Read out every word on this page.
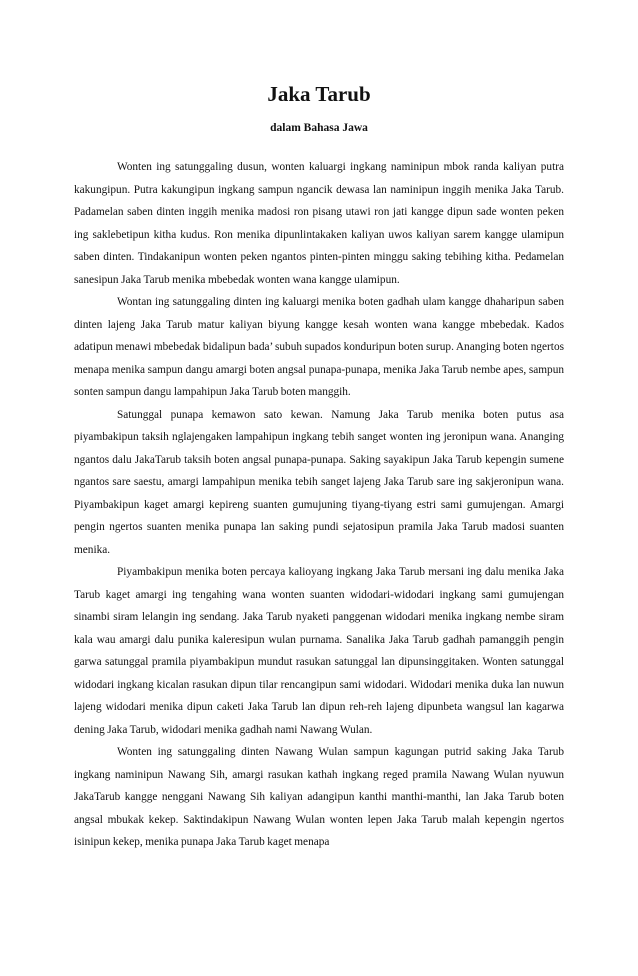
Jaka Tarub
dalam Bahasa Jawa

Wonten ing satunggaling dusun, wonten kaluargi ingkang naminipun mbok randa kaliyan putra kakungipun. Putra kakungipun ingkang sampun ngancik dewasa lan naminipun inggih menika Jaka Tarub. Padamelan saben dinten inggih menika madosi ron pisang utawi ron jati kangge dipun sade wonten peken ing saklebetipun kitha kudus. Ron menika dipunlintakaken kaliyan uwos kaliyan sarem kangge ulamipun saben dinten. Tindakanipun wonten peken ngantos pinten-pinten minggu saking tebihing kitha. Pedamelan sanesipun Jaka Tarub menika mbebedak wonten wana kangge ulamipun.

Wontan ing satunggaling dinten ing kaluargi menika boten gadhah ulam kangge dhaharipun saben dinten lajeng Jaka Tarub matur kaliyan biyung kangge kesah wonten wana kangge mbebedak. Kados adatipun menawi mbebedak bidalipun bada’ subuh supados konduripun boten surup. Ananging boten ngertos menapa menika sampun dangu amargi boten angsal punapa-punapa, menika Jaka Tarub nembe apes, sampun sonten sampun dangu lampahipun Jaka Tarub boten manggih.

Satunggal punapa kemawon sato kewan. Namung Jaka Tarub menika boten putus asa piyambakipun taksih nglajengaken lampahipun ingkang tebih sanget wonten ing jeronipun wana. Ananging ngantos dalu JakaTarub taksih boten angsal punapa-punapa. Saking sayakipun Jaka Tarub kepengin sumene ngantos sare saestu, amargi lampahipun menika tebih sanget lajeng Jaka Tarub sare ing sakjeronipun wana. Piyambakipun kaget amargi kepireng suanten gumujuning tiyang-tiyang estri sami gumujengan. Amargi pengin ngertos suanten menika punapa lan saking pundi sejatosipun pramila Jaka Tarub madosi suanten menika.

Piyambakipun menika boten percaya kalioyang ingkang Jaka Tarub mersani ing dalu menika Jaka Tarub kaget amargi ing tengahing wana wonten suanten widodari-widodari ingkang sami gumujengan sinambi siram lelangin ing sendang. Jaka Tarub nyaketi panggenan widodari menika ingkang nembe siram kala wau amargi dalu punika kaleresipun wulan purnama. Sanalika Jaka Tarub gadhah pamanggih pengin garwa satunggal pramila piyambakipun mundut rasukan satunggal lan dipunsinggitaken. Wonten satunggal widodari ingkang kicalan rasukan dipun tilar rencangipun sami widodari. Widodari menika duka lan nuwun lajeng widodari menika dipun caketi Jaka Tarub lan dipun reh-reh lajeng dipunbeta wangsul lan kagarwa dening Jaka Tarub, widodari menika gadhah nami Nawang Wulan.

Wonten ing satunggaling dinten Nawang Wulan sampun kagungan putrid saking Jaka Tarub ingkang naminipun Nawang Sih, amargi rasukan kathah ingkang reged pramila Nawang Wulan nyuwun JakaTarub kangge nenggani Nawang Sih kaliyan adangipun kanthi manthi-manthi, lan Jaka Tarub boten angsal mbukak kekep. Saktindakipun Nawang Wulan wonten lepen Jaka Tarub malah kepengin ngertos isinipun kekep, menika punapa Jaka Tarub kaget menapa
